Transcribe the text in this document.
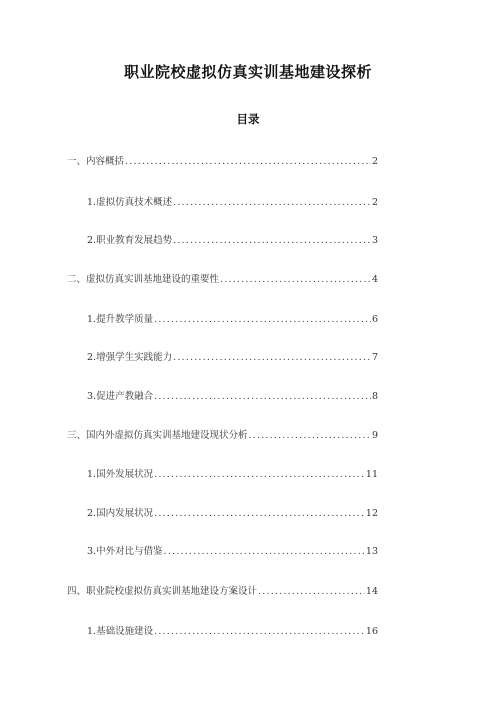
职业院校虚拟仿真实训基地建设探析
目录
一、 内容概括 .....	2
1. 虚拟仿真技术概述 .....	2
2. 职业教育发展趋势 .....	3
二、 虚拟仿真实训基地建设的重要性 .....	4
1. 提升教学质量 .....	6
2. 增强学生实践能力 .....	7
3. 促进产教融合 .....	8
三、 国内外虚拟仿真实训基地建设现状分析 .....	9
1. 国外发展状况 .....	11
2. 国内发展状况 .....	12
3. 中外对比与借鉴 .....	13
四、 职业院校虚拟仿真实训基地建设方案设计 .....	14
1. 基础设施建设 .....	16
